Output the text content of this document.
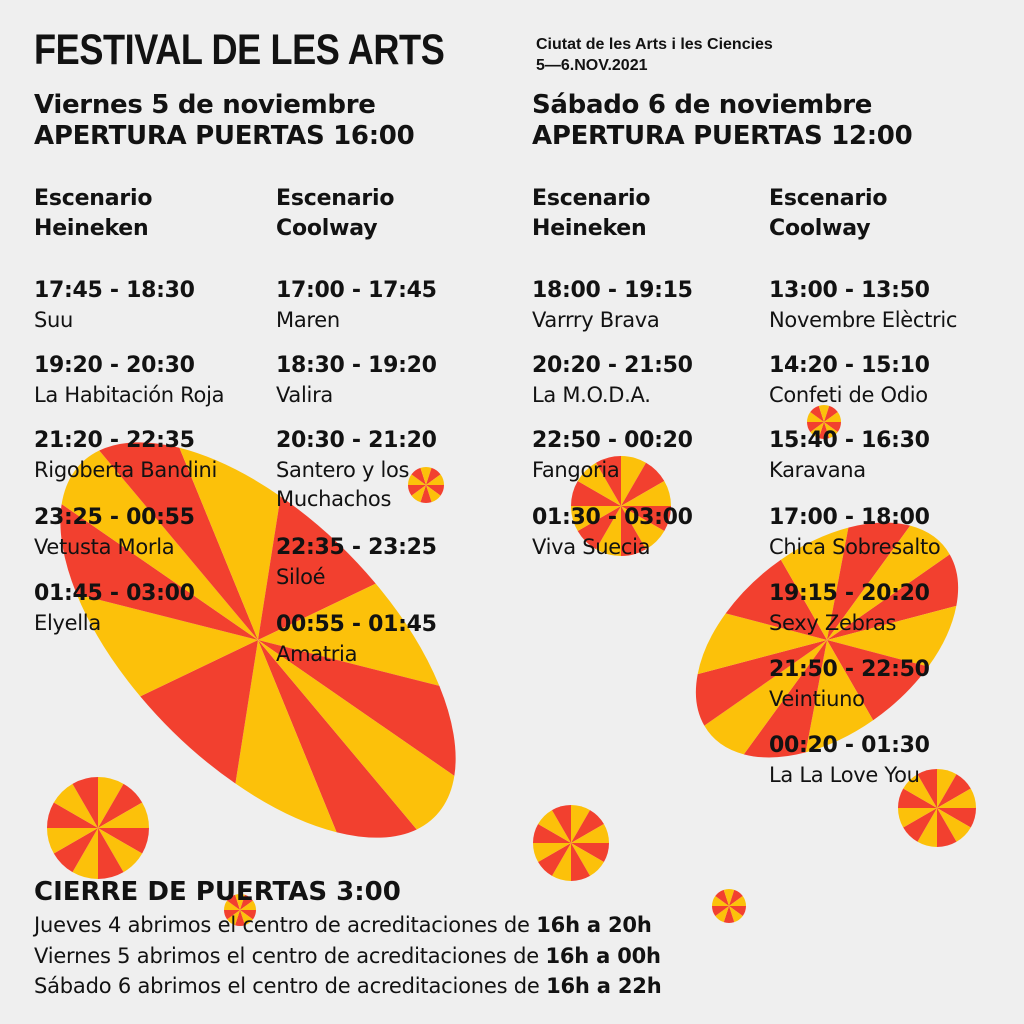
FESTIVAL DE LES ARTS	Ciutat de les Arts i les Ciencies
5—6.NOV.2021
Viernes 5 de noviembre
APERTURA PUERTAS 16:00
Sábado 6 de noviembre
APERTURA PUERTAS 12:00
Escenario
Heineken
17:45 - 18:30
Suu
19:20 - 20:30
La Habitación Roja
21:20 - 22:35
Rigoberta Bandini
23:25 - 00:55
Vetusta Morla
01:45 - 03:00
Elyella
Escenario
Coolway
17:00 - 17:45
Maren
18:30 - 19:20
Valira
20:30 - 21:20
Santero y los Muchachos
22:35 - 23:25
Siloé
00:55 - 01:45
Amatria
Escenario
Heineken
18:00 - 19:15
Varrry Brava
20:20 - 21:50
La M.O.D.A.
22:50 - 00:20
Fangoria
01:30 - 03:00
Viva Suecia
Escenario
Coolway
13:00 - 13:50
Novembre Elèctric
14:20 - 15:10
Confeti de Odio
15:40 - 16:30
Karavana
17:00 - 18:00
Chica Sobresalto
19:15 - 20:20
Sexy Zebras
21:50 - 22:50
Veintiuno
00:20 - 01:30
La La Love You
CIERRE DE PUERTAS 3:00
Jueves 4 abrimos el centro de acreditaciones de 16h a 20h
Viernes 5 abrimos el centro de acreditaciones de 16h a 00h
Sábado 6 abrimos el centro de acreditaciones de 16h a 22h
